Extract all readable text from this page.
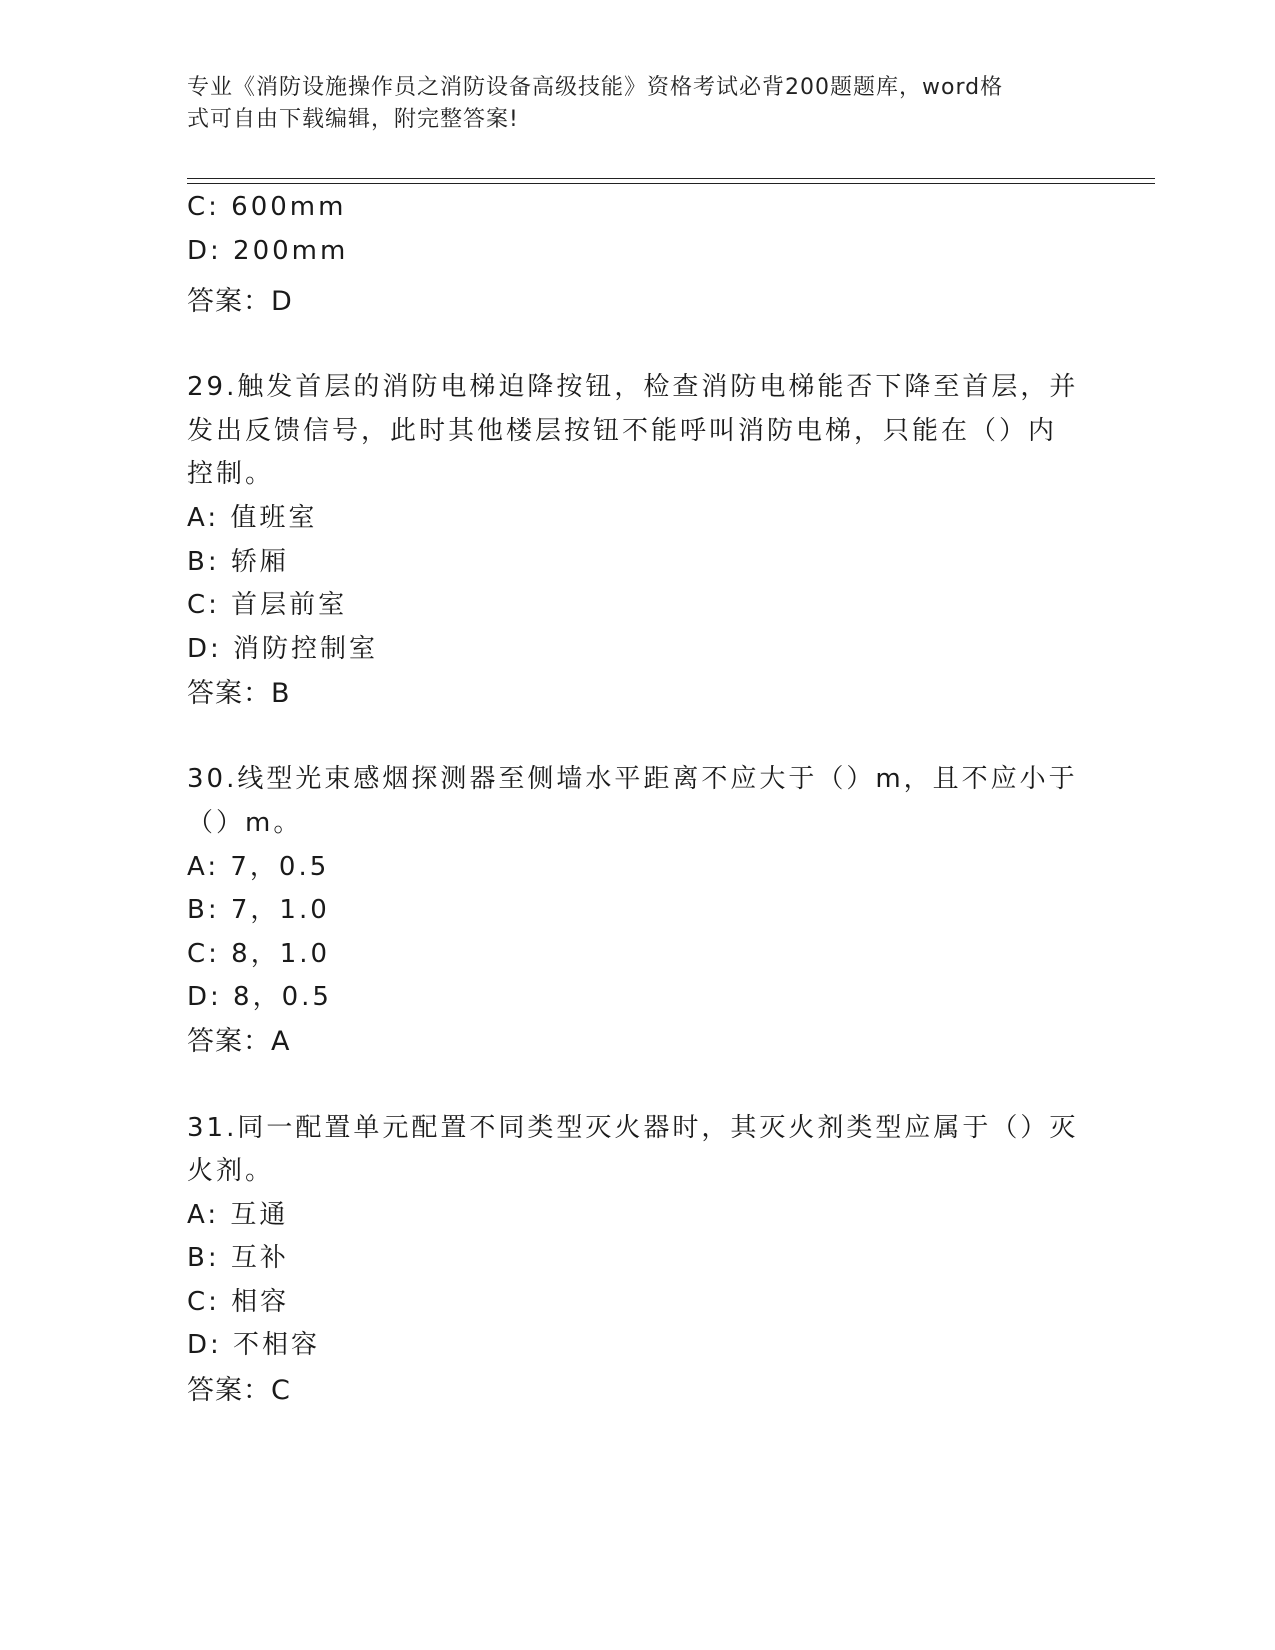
专业《消防设施操作员之消防设备高级技能》资格考试必背200题题库，word格
式可自由下载编辑，附完整答案!
C: 600mm
D: 200mm
答案：D
29.触发首层的消防电梯迫降按钮，检查消防电梯能否下降至首层，并
发出反馈信号，此时其他楼层按钮不能呼叫消防电梯，只能在（）内
控制。
A: 值班室
B: 轿厢
C: 首层前室
D: 消防控制室
答案：B
30.线型光束感烟探测器至侧墙水平距离不应大于（）m，且不应小于
（）m。
A: 7，0.5
B: 7，1.0
C: 8，1.0
D: 8，0.5
答案：A
31.同一配置单元配置不同类型灭火器时，其灭火剂类型应属于（）灭
火剂。
A: 互通
B: 互补
C: 相容
D: 不相容
答案：C
